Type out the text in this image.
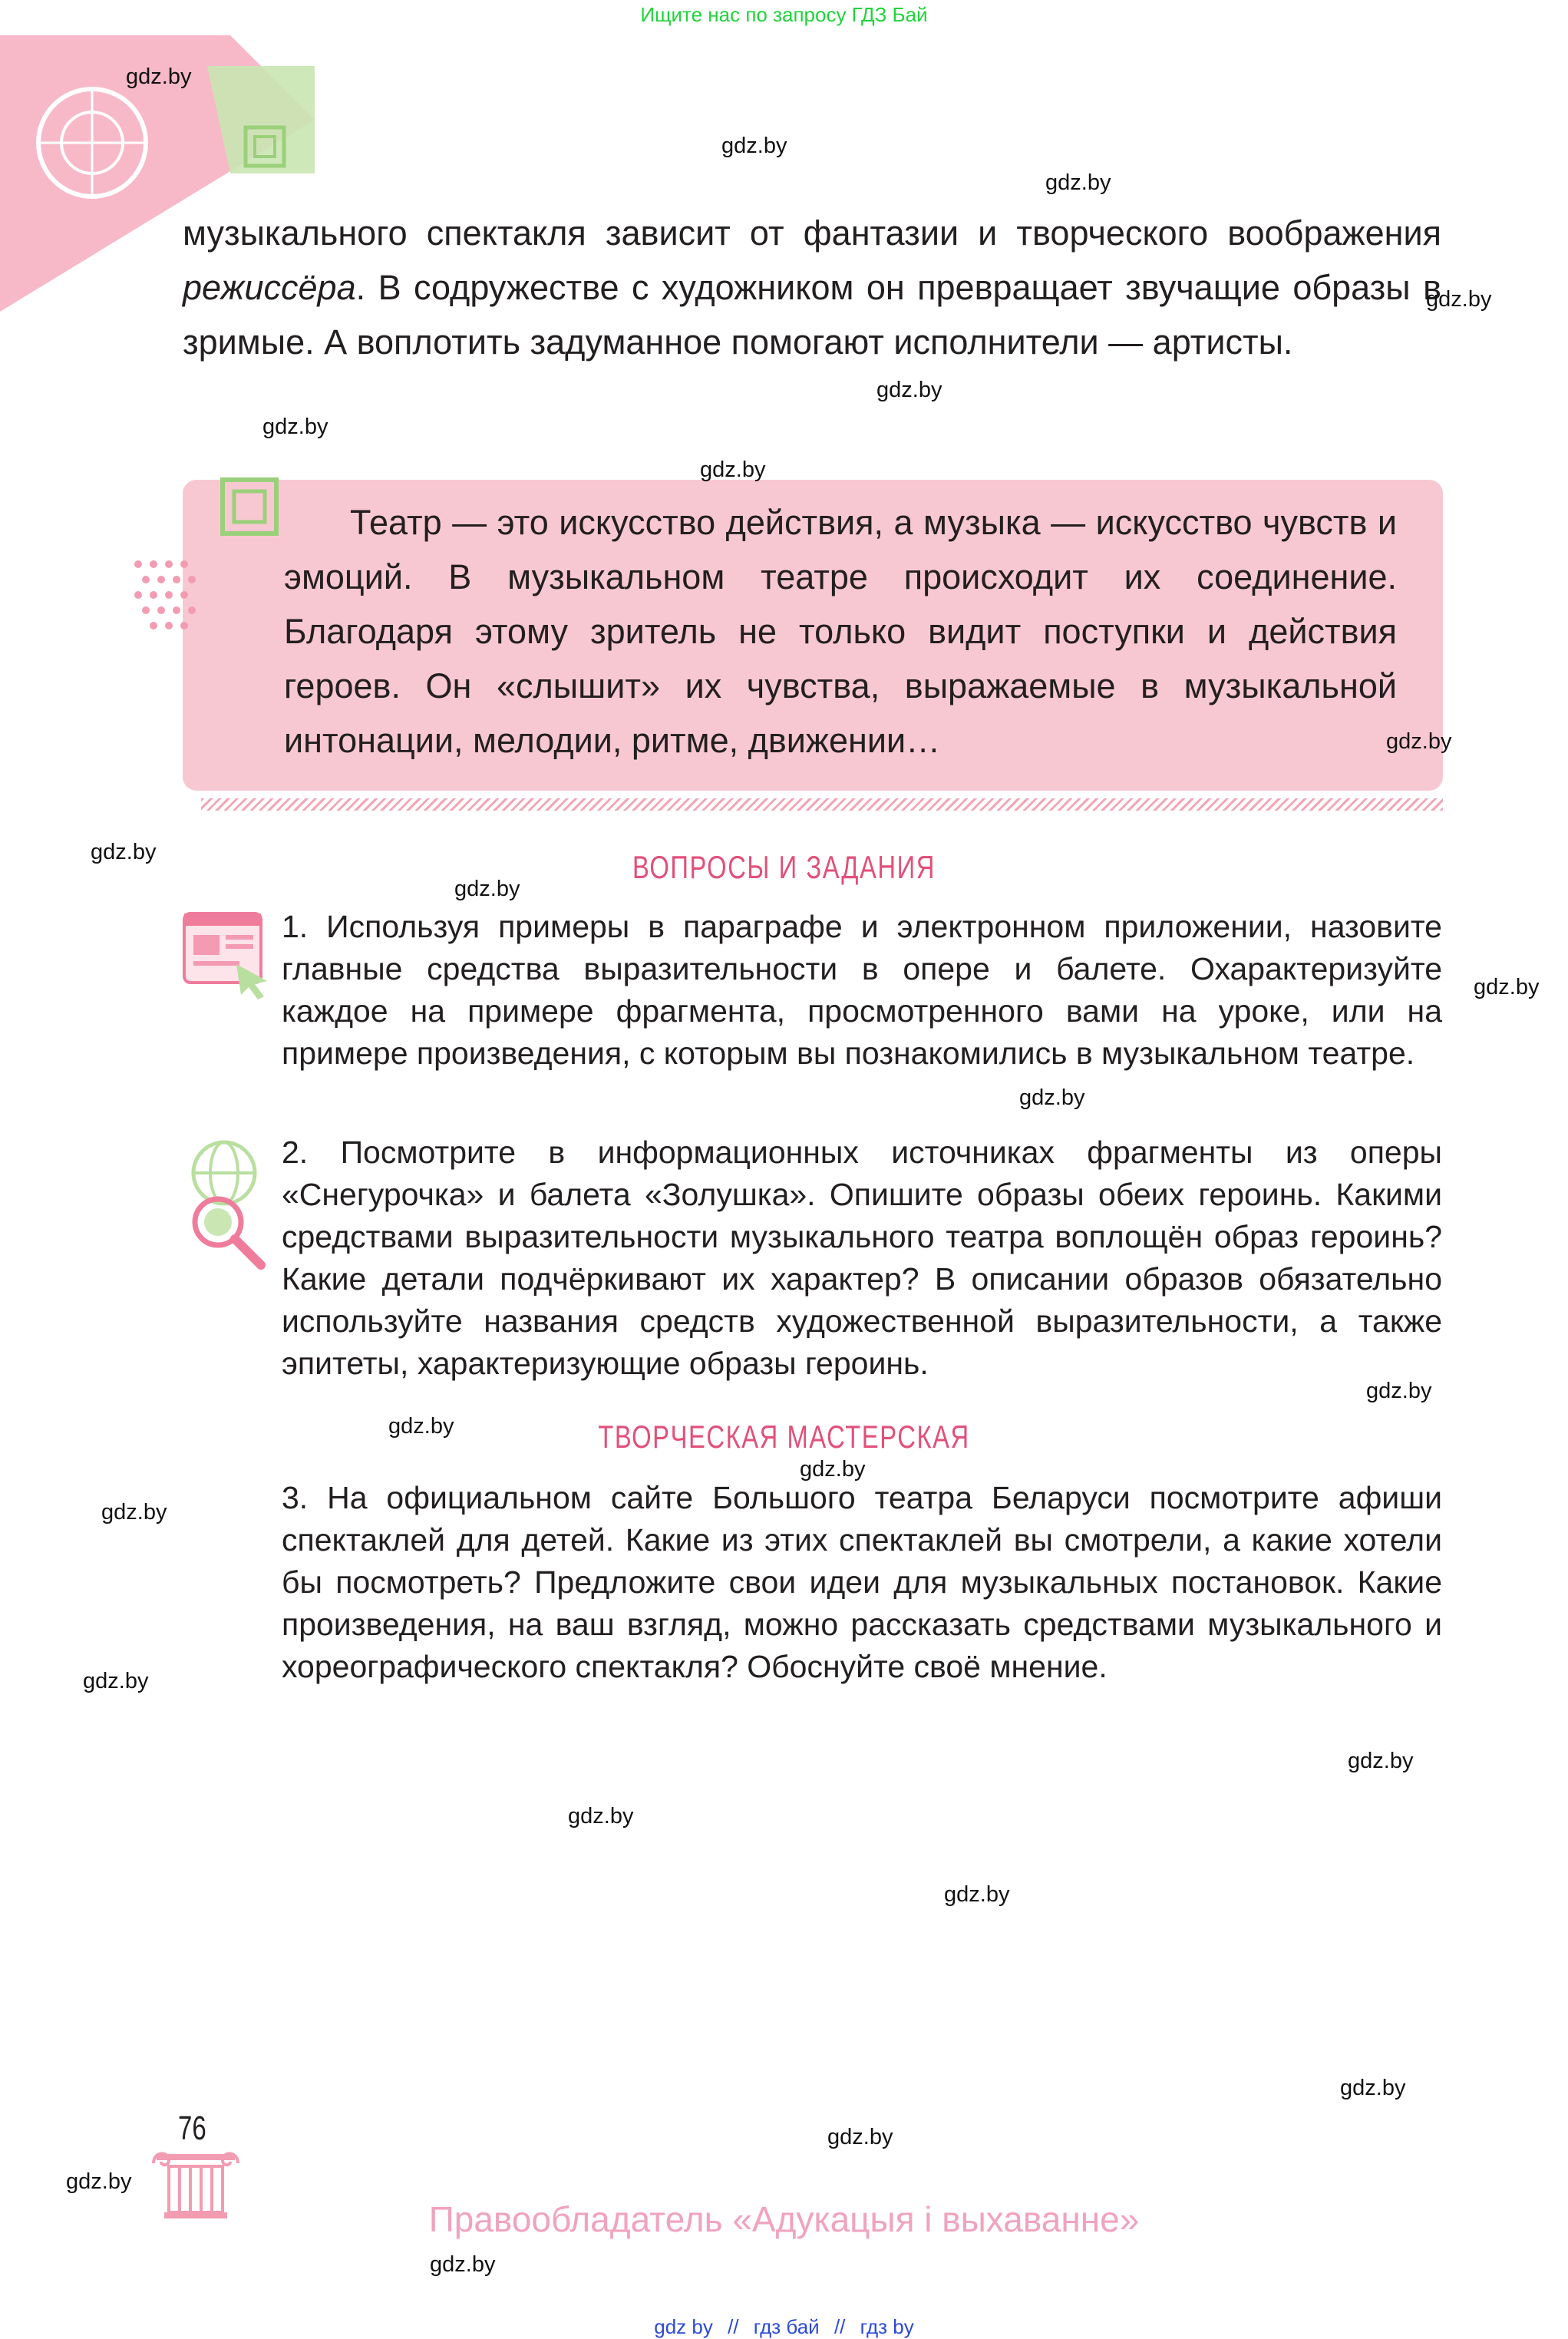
Ищите нас по запросу ГДЗ Бай
музыкального спектакля зависит от фантазии и творческого воображения режиссёра. В содружестве с художником он превращает звучащие образы в зримые. А воплотить задуманное помогают исполнители — артисты.
Театр — это искусство действия, а музыка — искусство чувств и эмоций. В музыкальном театре происходит их соединение. Благодаря этому зритель не только видит поступки и действия героев. Он «слышит» их чувства, выражаемые в музыкальной интонации, мелодии, ритме, движении…
ВОПРОСЫ И ЗАДАНИЯ
1. Используя примеры в параграфе и электронном приложении, назовите главные средства выразительности в опере и балете. Охарактеризуйте каждое на примере фрагмента, просмотренного вами на уроке, или на примере произведения, с которым вы познакомились в музыкальном театре.
2. Посмотрите в информационных источниках фрагменты из оперы «Снегурочка» и балета «Золушка». Опишите образы обеих героинь. Какими средствами выразительности музыкального театра воплощён образ героинь? Какие детали подчёркивают их характер? В описании образов обязательно используйте названия средств художественной выразительности, а также эпитеты, характеризующие образы героинь.
ТВОРЧЕСКАЯ МАСТЕРСКАЯ
3. На официальном сайте Большого театра Беларуси посмотрите афиши спектаклей для детей. Какие из этих спектаклей вы смотрели, а какие хотели бы посмотреть? Предложите свои идеи для музыкальных постановок. Какие произведения, на ваш взгляд, можно рассказать средствами музыкального и хореографического спектакля? Обоснуйте своё мнение.
76
Правообладатель «Адукацыя і выхаванне»
gdz.by
gdz.by
gdz.by
gdz.by
gdz.by
gdz.by
gdz.by
gdz.by
gdz.by
gdz.by
gdz.by
gdz.by
gdz.by
gdz.by
gdz.by
gdz.by
gdz.by
gdz.by
gdz.by
gdz.by
gdz.by
gdz.by
gdz.by
gdz.by
gdz by // гдз бай // гдз by
